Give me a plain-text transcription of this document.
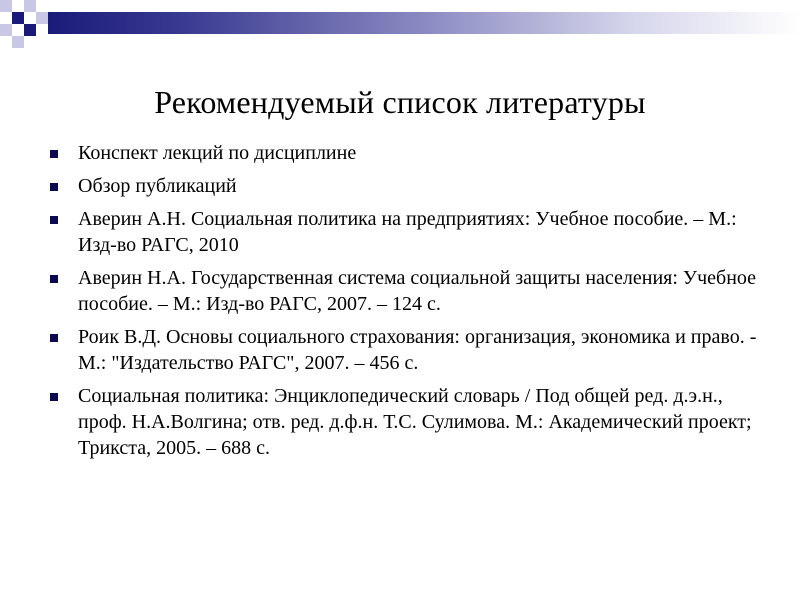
Рекомендуемый список литературы
Конспект лекций по дисциплине
Обзор публикаций
Аверин А.Н. Социальная политика на предприятиях: Учебное пособие. – М.: Изд-во РАГС, 2010
Аверин Н.А. Государственная система социальной защиты населения: Учебное пособие. – М.: Изд-во РАГС, 2007. – 124 с.
Роик В.Д. Основы социального страхования: организация, экономика и право. - М.: "Издательство РАГС", 2007. – 456 с.
Социальная политика: Энциклопедический словарь / Под общей ред. д.э.н., проф. Н.А.Волгина; отв. ред. д.ф.н. Т.С. Сулимова. М.: Академический проект; Трикста, 2005. – 688 с.
